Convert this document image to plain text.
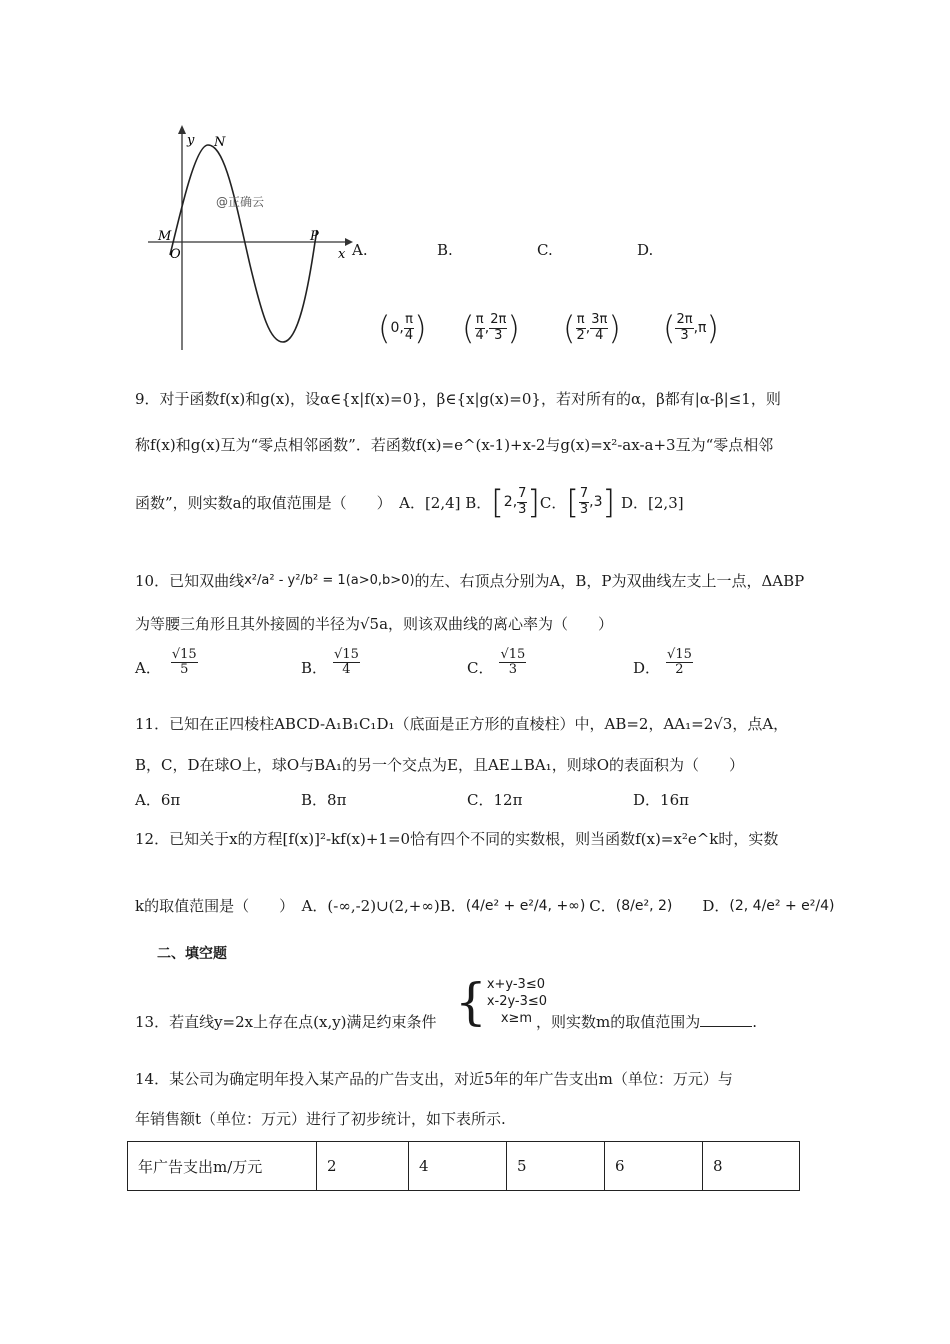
y N
M
O
P
x
@正确云
A.	B.	C.	D.
( 0, $\frac{\pi}{4}$ ) ( $\frac{\pi}{4}$ , $\frac{2\pi}{3}$ ) ( $\frac{\pi}{2}$ , $\frac{3\pi}{4}$ ) ( $\frac{2\pi}{3} ,\pi$ )
9．对于函数f(x)和g(x)，设α∈{x|f(x)=0}，β∈{x|g(x)=0}，若对所有的α，β都有|α-β|≤1，则
称f(x)和g(x)互为“零点相邻函数”．若函数f(x)=e^(x-1)+x-2与g(x)=x²-ax-a+3互为“零点相邻
函数”，则实数a的取值范围是（　　）　A．[2,4] B． [ 2, $\frac{7}{3}$ ] C． [ $\frac{7}{3} ,3$ ] D．[2,3]
10．已知双曲线 x²/a² - y²/b² = 1(a>0,b>0) 的左、右顶点分别为A，B，P为双曲线左支上一点，ΔABP
为等腰三角形且其外接圆的半径为√5a，则该双曲线的离心率为（　　）
A． $\frac{√15}{5}$	B． $\frac{√15}{4}$	C． $\frac{√15}{3}$	D． $\frac{√15}{2}$
11．已知在正四棱柱ABCD-A₁B₁C₁D₁（底面是正方形的直棱柱）中，AB=2，AA₁=2√3，点A，
B，C，D在球O上，球O与BA₁的另一个交点为E，且AE⊥BA₁，则球O的表面积为（　　）
A．6π	B．8π	C．12π	D．16π
12．已知关于x的方程[f(x)]²-kf(x)+1=0恰有四个不同的实数根，则当函数f(x)=x²e^k时，实数
k的取值范围是（　　）　A．(-∞,-2)∪(2,+∞)B． (4/e² + e²/4, +∞) C． (8/e², 2) D． (2, 4/e² + e²/4)
二、填空题
13．若直线y=2x上存在点(x,y)满足约束条件 { x+y-3≤0
x-2y-3≤0
x≥m ，则实数m的取值范围为	.
14．某公司为确定明年投入某产品的广告支出，对近5年的年广告支出m（单位：万元）与
年销售额t（单位：万元）进行了初步统计，如下表所示.
年广告支出m/万元	2	4	5	6	8
